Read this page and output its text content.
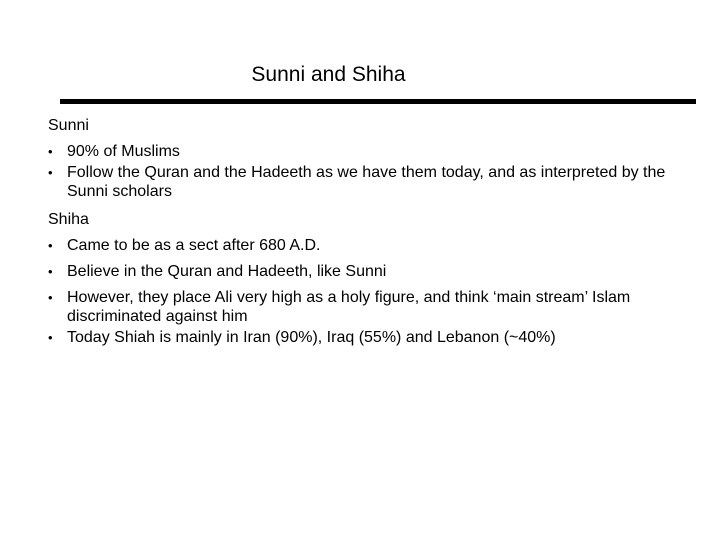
Sunni and Shiha
Sunni
• 90% of Muslims
• Follow the Quran and the Hadeeth as we have them today, and as interpreted by the Sunni scholars
Shiha
• Came to be as a sect after 680 A.D.
• Believe in the Quran and Hadeeth, like Sunni
• However, they place Ali very high as a holy figure, and think ‘main stream’ Islam discriminated against him
• Today Shiah is mainly in Iran (90%), Iraq (55%) and Lebanon (~40%)
